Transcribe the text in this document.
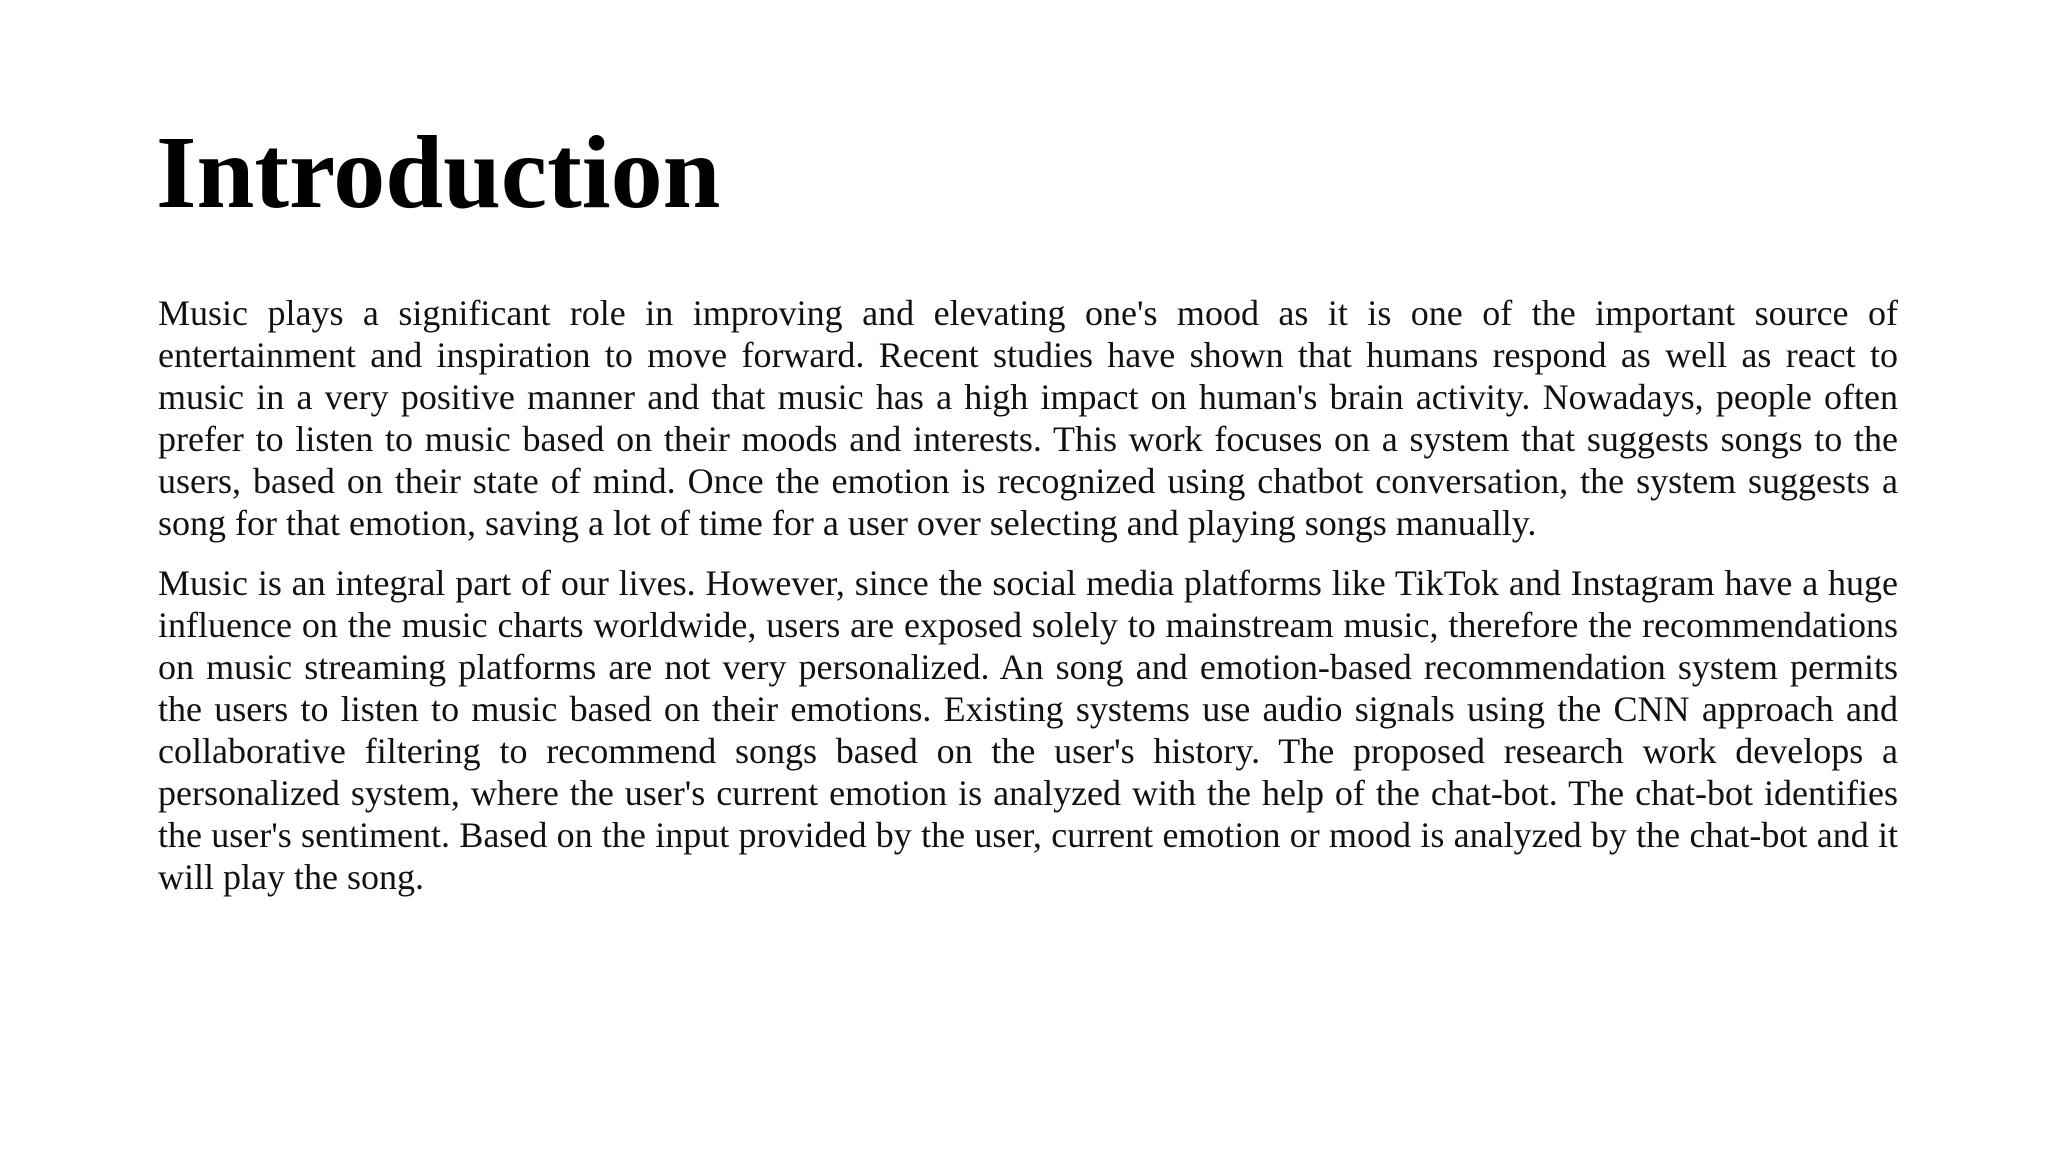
Introduction

Music plays a significant role in improving and elevating one's mood as it is one of the important source of entertainment and inspiration to move forward. Recent studies have shown that humans respond as well as react to music in a very positive manner and that music has a high impact on human's brain activity. Nowadays, people often prefer to listen to music based on their moods and interests. This work focuses on a system that suggests songs to the users, based on their state of mind. Once the emotion is recognized using chatbot conversation, the system suggests a song for that emotion, saving a lot of time for a user over selecting and playing songs manually.

Music is an integral part of our lives. However, since the social media platforms like TikTok and Instagram have a huge influence on the music charts worldwide, users are exposed solely to mainstream music, therefore the recommendations on music streaming platforms are not very personalized. An song and emotion-based recommendation system permits the users to listen to music based on their emotions. Existing systems use audio signals using the CNN approach and collaborative filtering to recommend songs based on the user's history. The proposed research work develops a personalized system, where the user's current emotion is analyzed with the help of the chat-bot. The chat-bot identifies the user's sentiment. Based on the input provided by the user, current emotion or mood is analyzed by the chat-bot and it will play the song.
